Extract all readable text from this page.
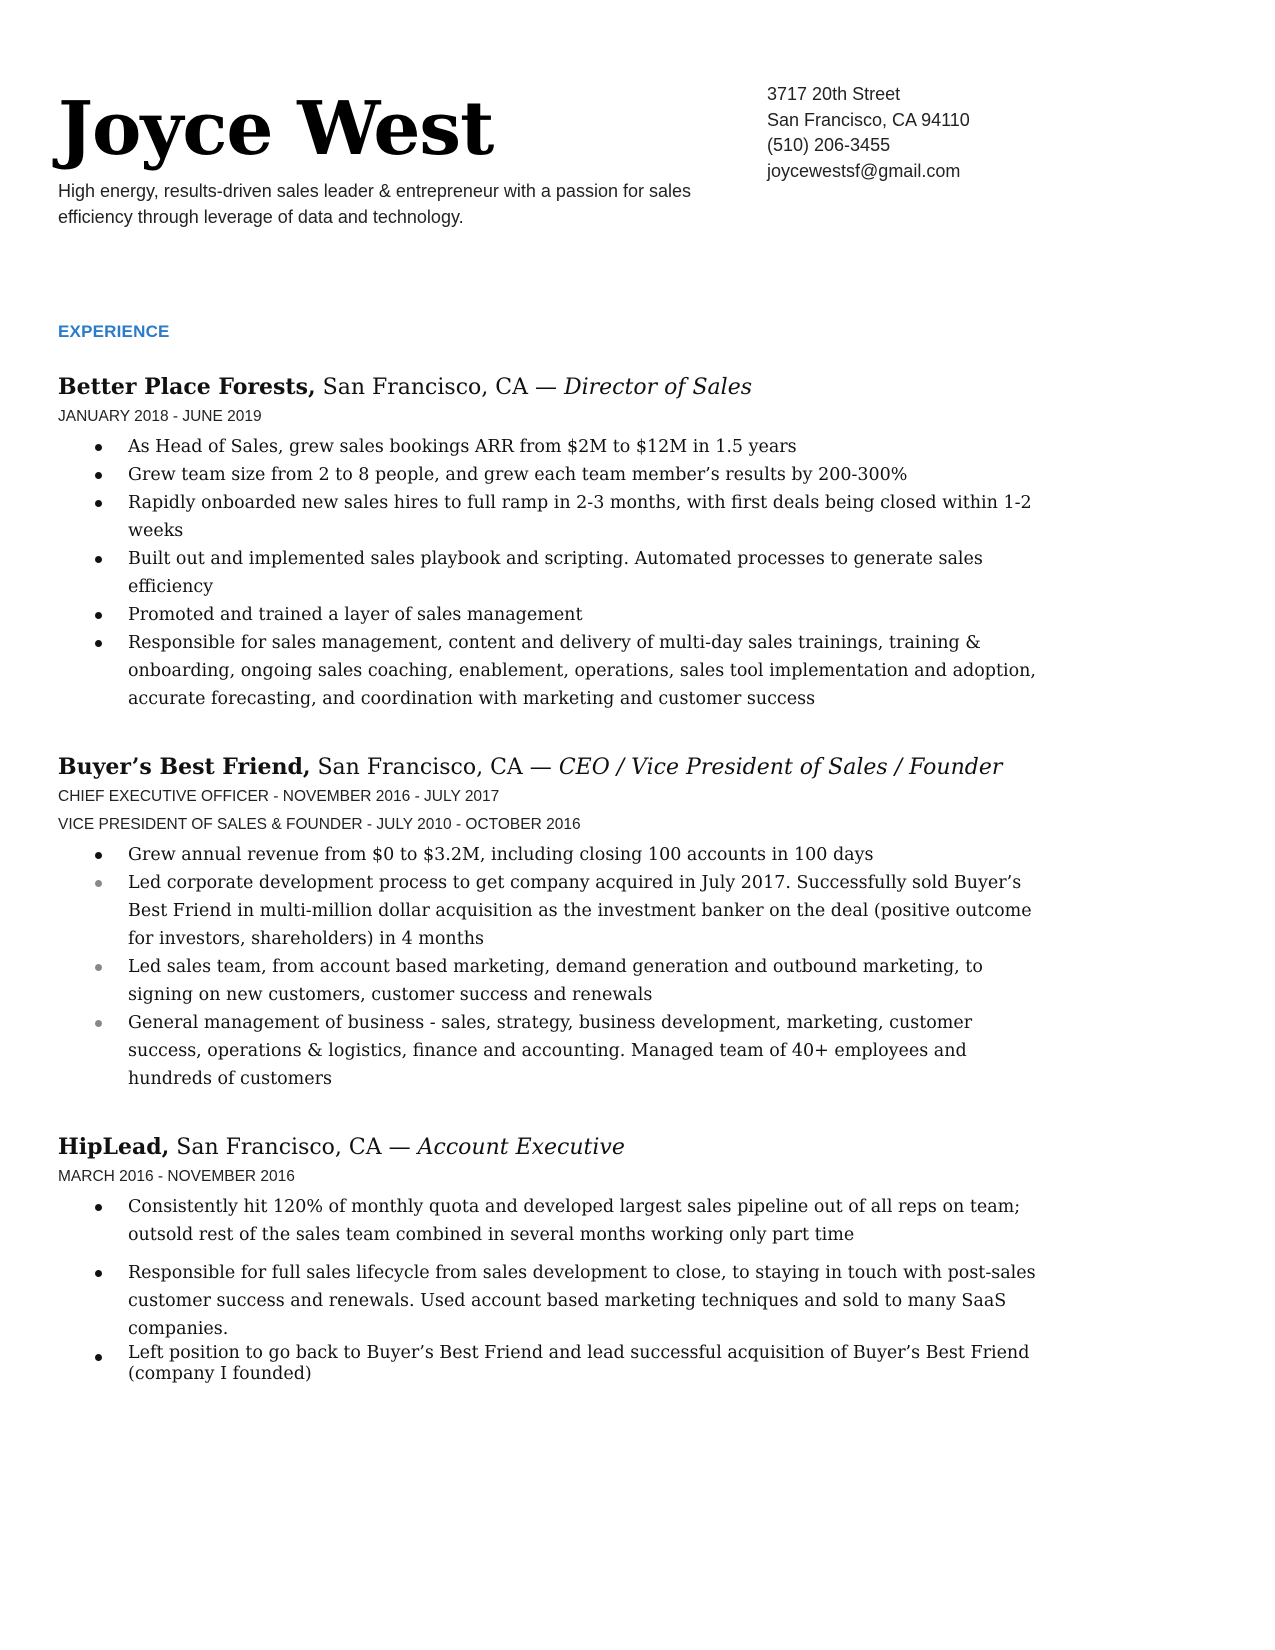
Joyce West

High energy, results-driven sales leader & entrepreneur with a passion for sales efficiency through leverage of data and technology.

3717 20th Street
San Francisco, CA 94110
(510) 206-3455
joycewestsf@gmail.com
EXPERIENCE
Better Place Forests, San Francisco, CA — Director of Sales

JANUARY 2018 - JUNE 2019

As Head of Sales, grew sales bookings ARR from $2M to $12M in 1.5 years
Grew team size from 2 to 8 people, and grew each team member’s results by 200-300%
Rapidly onboarded new sales hires to full ramp in 2-3 months, with first deals being closed within 1-2 weeks
Built out and implemented sales playbook and scripting. Automated processes to generate sales efficiency
Promoted and trained a layer of sales management
Responsible for sales management, content and delivery of multi-day sales trainings, training & onboarding, ongoing sales coaching, enablement, operations, sales tool implementation and adoption, accurate forecasting, and coordination with marketing and customer success
Buyer’s Best Friend, San Francisco, CA — CEO / Vice President of Sales / Founder

CHIEF EXECUTIVE OFFICER - NOVEMBER 2016 - JULY 2017

VICE PRESIDENT OF SALES & FOUNDER - JULY 2010 - OCTOBER 2016

Grew annual revenue from $0 to $3.2M, including closing 100 accounts in 100 days
Led corporate development process to get company acquired in July 2017. Successfully sold Buyer’s Best Friend in multi-million dollar acquisition as the investment banker on the deal (positive outcome for investors, shareholders) in 4 months
Led sales team, from account based marketing, demand generation and outbound marketing, to signing on new customers, customer success and renewals
General management of business - sales, strategy, business development, marketing, customer success, operations & logistics, finance and accounting. Managed team of 40+ employees and hundreds of customers
HipLead, San Francisco, CA — Account Executive

MARCH 2016 - NOVEMBER 2016

Consistently hit 120% of monthly quota and developed largest sales pipeline out of all reps on team; outsold rest of the sales team combined in several months working only part time
Responsible for full sales lifecycle from sales development to close, to staying in touch with post-sales customer success and renewals. Used account based marketing techniques and sold to many SaaS companies.
Left position to go back to Buyer’s Best Friend and lead successful acquisition of Buyer’s Best Friend (company I founded)
